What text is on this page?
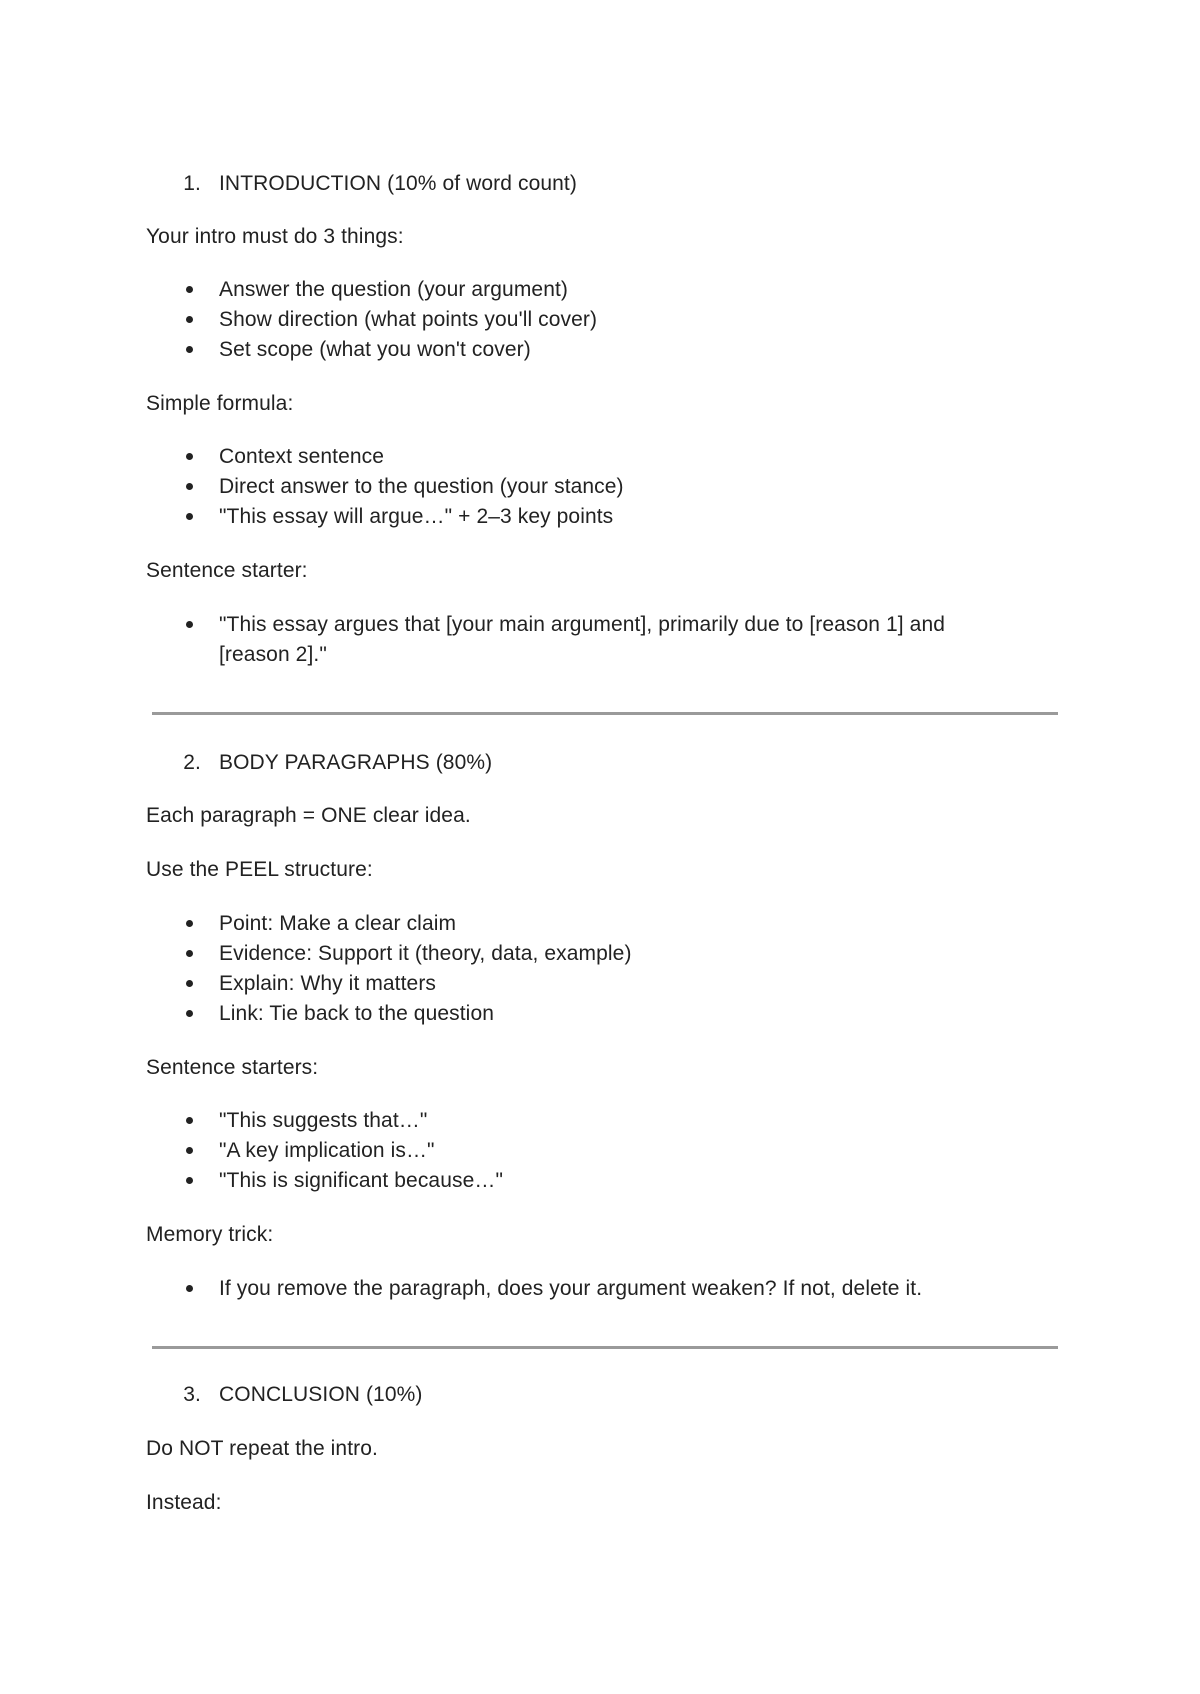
1. INTRODUCTION (10% of word count)
Your intro must do 3 things:
Answer the question (your argument)
Show direction (what points you'll cover)
Set scope (what you won't cover)
Simple formula:
Context sentence
Direct answer to the question (your stance)
"This essay will argue…" + 2–3 key points
Sentence starter:
"This essay argues that [your main argument], primarily due to [reason 1] and
[reason 2]."
2. BODY PARAGRAPHS (80%)
Each paragraph = ONE clear idea.
Use the PEEL structure:
Point: Make a clear claim
Evidence: Support it (theory, data, example)
Explain: Why it matters
Link: Tie back to the question
Sentence starters:
"This suggests that…"
"A key implication is…"
"This is significant because…"
Memory trick:
If you remove the paragraph, does your argument weaken? If not, delete it.
3. CONCLUSION (10%)
Do NOT repeat the intro.
Instead:
